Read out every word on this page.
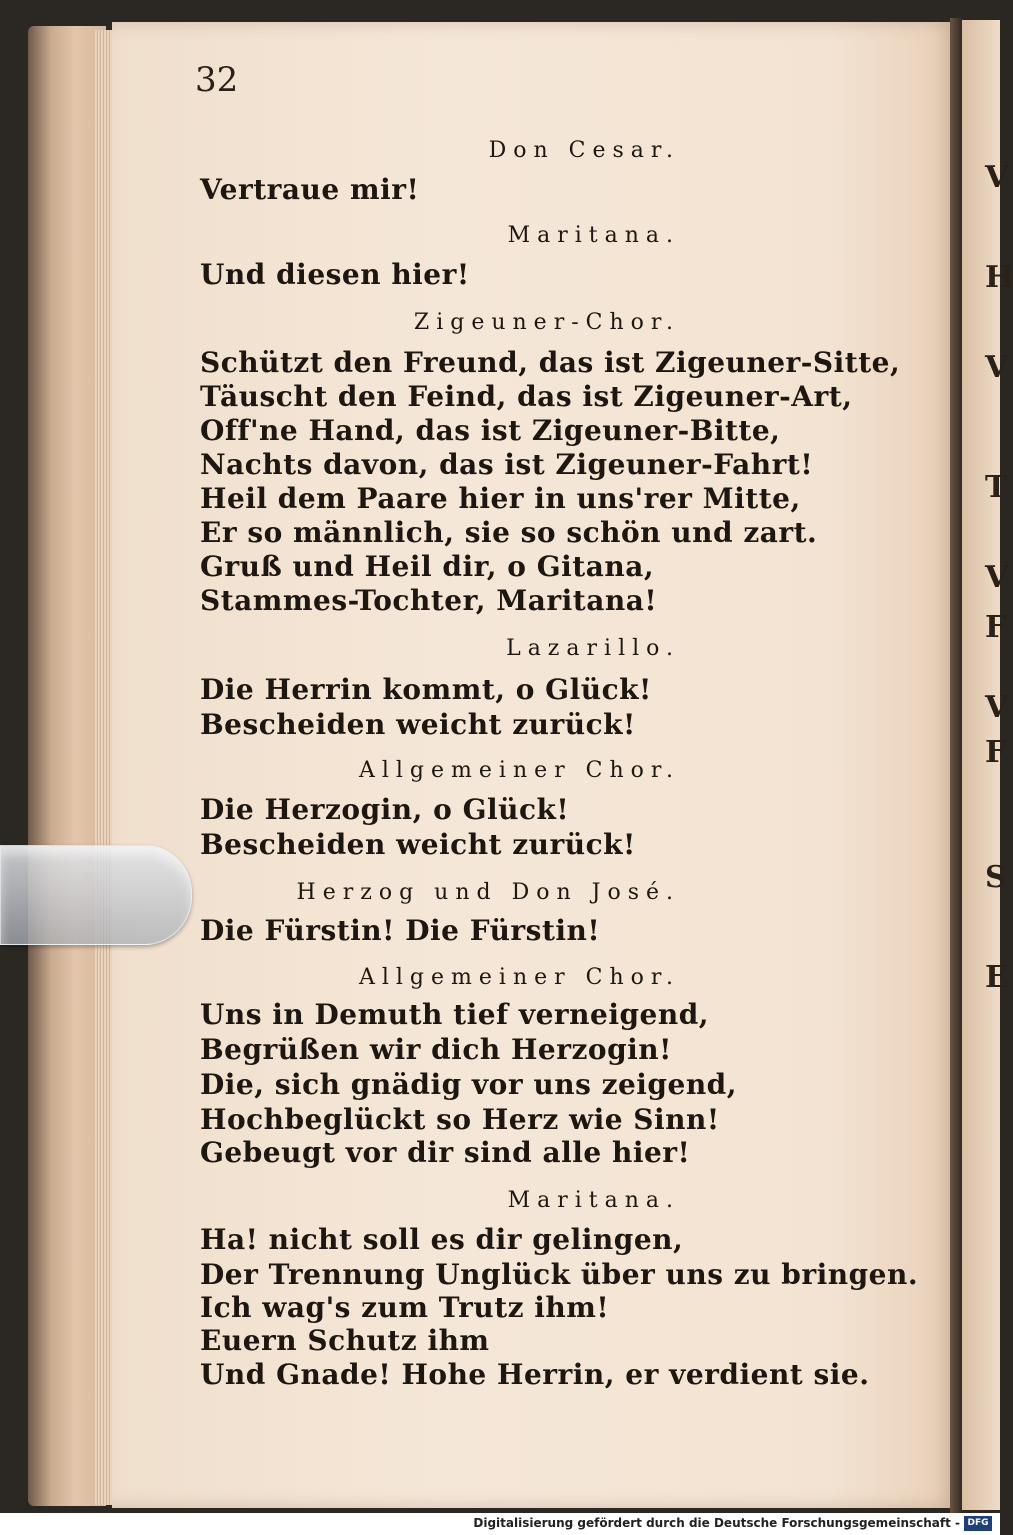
V
H
V
T
V
F
V
F
S
E
32
Don Cesar.
Vertraue mir!
Maritana.
Und diesen hier!
Zigeuner-Chor.
Schützt den Freund, das ist Zigeuner-Sitte,
Täuscht den Feind, das ist Zigeuner-Art,
Off'ne Hand, das ist Zigeuner-Bitte,
Nachts davon, das ist Zigeuner-Fahrt!
Heil dem Paare hier in uns'rer Mitte,
Er so männlich, sie so schön und zart.
Gruß und Heil dir, o Gitana,
Stammes-Tochter, Maritana!
Lazarillo.
Die Herrin kommt, o Glück!
Bescheiden weicht zurück!
Allgemeiner Chor.
Die Herzogin, o Glück!
Bescheiden weicht zurück!
Herzog und Don José.
Die Fürstin! Die Fürstin!
Allgemeiner Chor.
Uns in Demuth tief verneigend,
Begrüßen wir dich Herzogin!
Die, sich gnädig vor uns zeigend,
Hochbeglückt so Herz wie Sinn!
Gebeugt vor dir sind alle hier!
Maritana.
Ha! nicht soll es dir gelingen,
Der Trennung Unglück über uns zu bringen.
Ich wag's zum Trutz ihm!
Euern Schutz ihm
Und Gnade! Hohe Herrin, er verdient sie.
Digitalisierung gefördert durch die Deutsche Forschungsgemeinschaft - DFG
